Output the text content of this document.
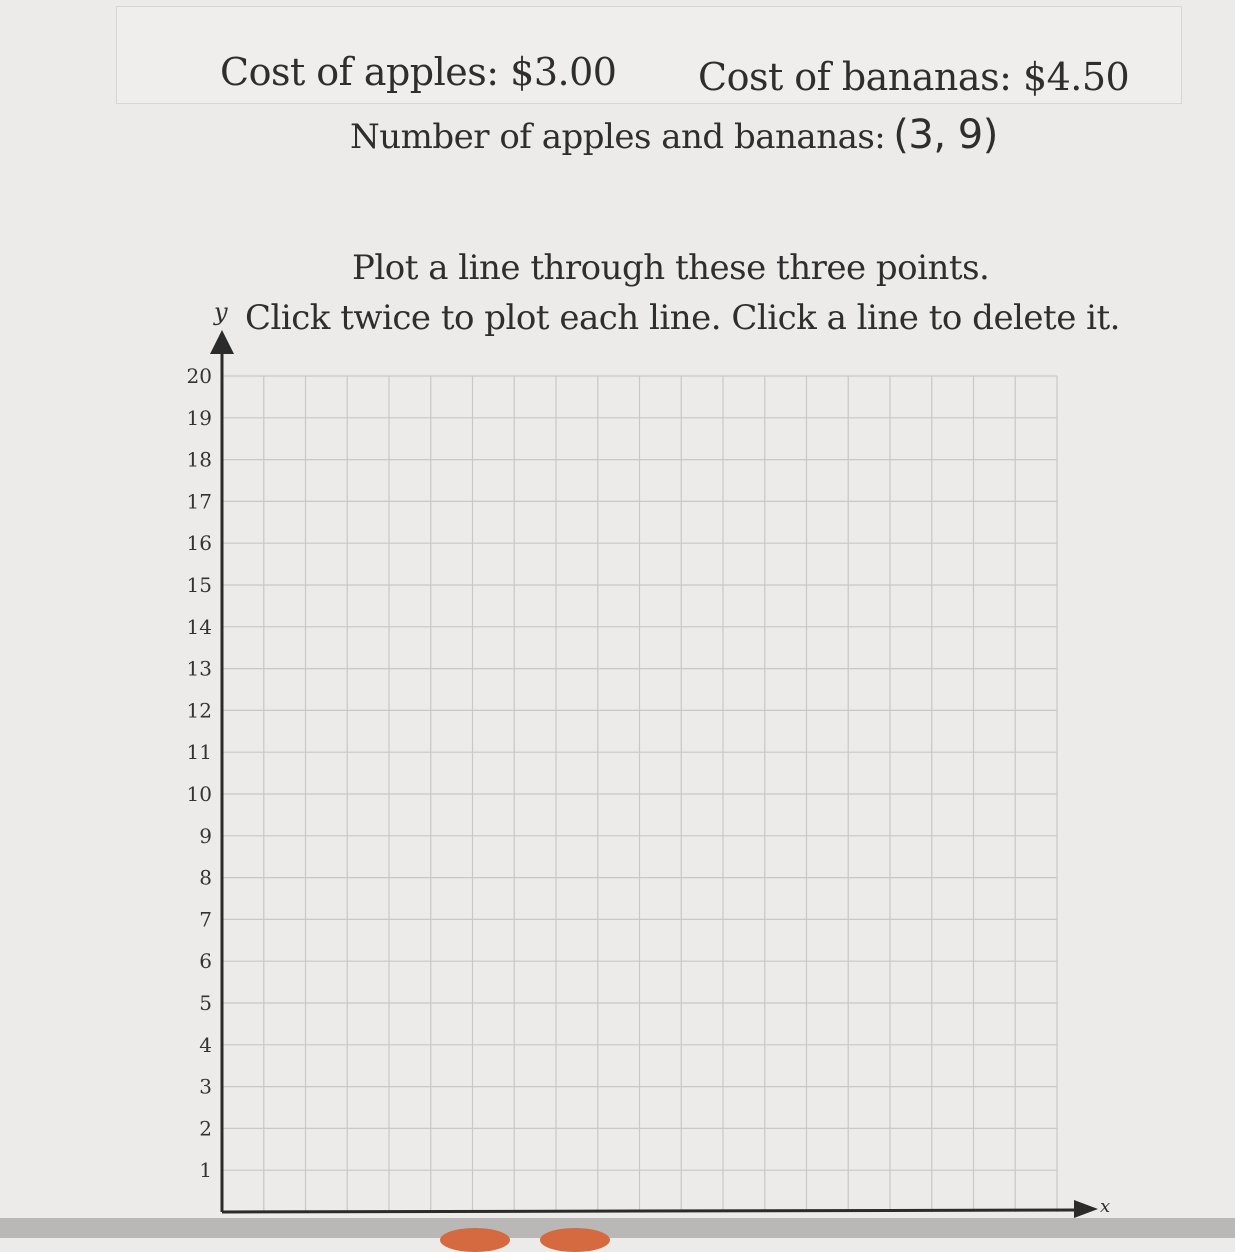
Cost of apples: $3.00 Cost of bananas: $4.50
Number of apples and bananas: (3, 9)
Plot a line through these three points.
Click twice to plot each line. Click a line to delete it.
y
x
1
2
3
4
5
6
7
8
9
10
11
12
13
14
15
16
17
18
19
20
